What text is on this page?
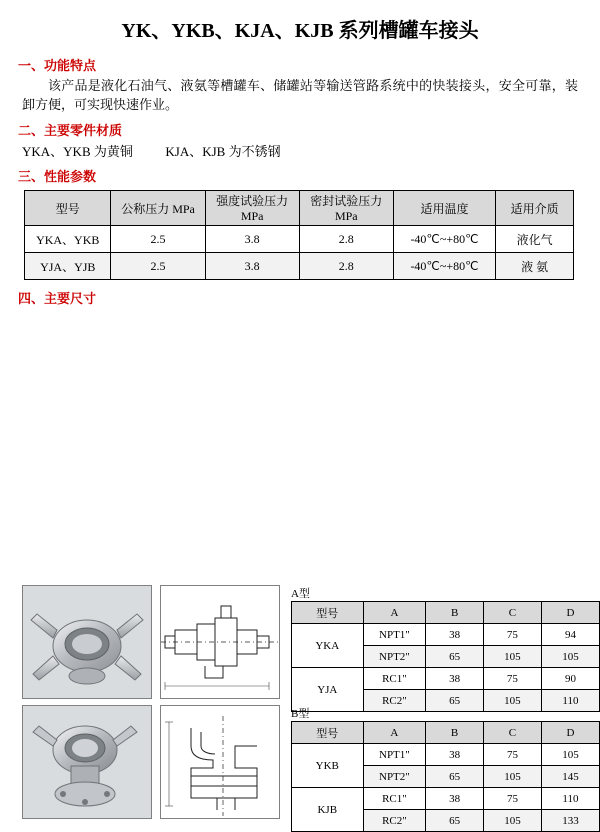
YK、YKB、KJA、KJB 系列槽罐车接头
一、功能特点
该产品是液化石油气、液氨等槽罐车、储罐站等输送管路系统中的快装接头，安全可靠，装卸方便，可实现快速作业。
二、主要零件材质
YKA、YKB 为黄铜	KJA、KJB 为不锈钢
三、性能参数
型号	公称压力 MPa	强度试验压力 MPa	密封试验压力 MPa	适用温度	适用介质
YKA、YKB	2.5	3.8	2.8	-40℃~+80℃	液化气
YJA、YJB	2.5	3.8	2.8	-40℃~+80℃	液 氨
四、主要尺寸
A型
型号	A	B	C	D
YKA	NPT1"	38	75	94
	NPT2"	65	105	105
YJA	RC1"	38	75	90
	RC2"	65	105	110
B型
型号	A	B	C	D
YKB	NPT1"	38	75	105
	NPT2"	65	105	145
KJB	RC1"	38	75	110
	RC2"	65	105	133
